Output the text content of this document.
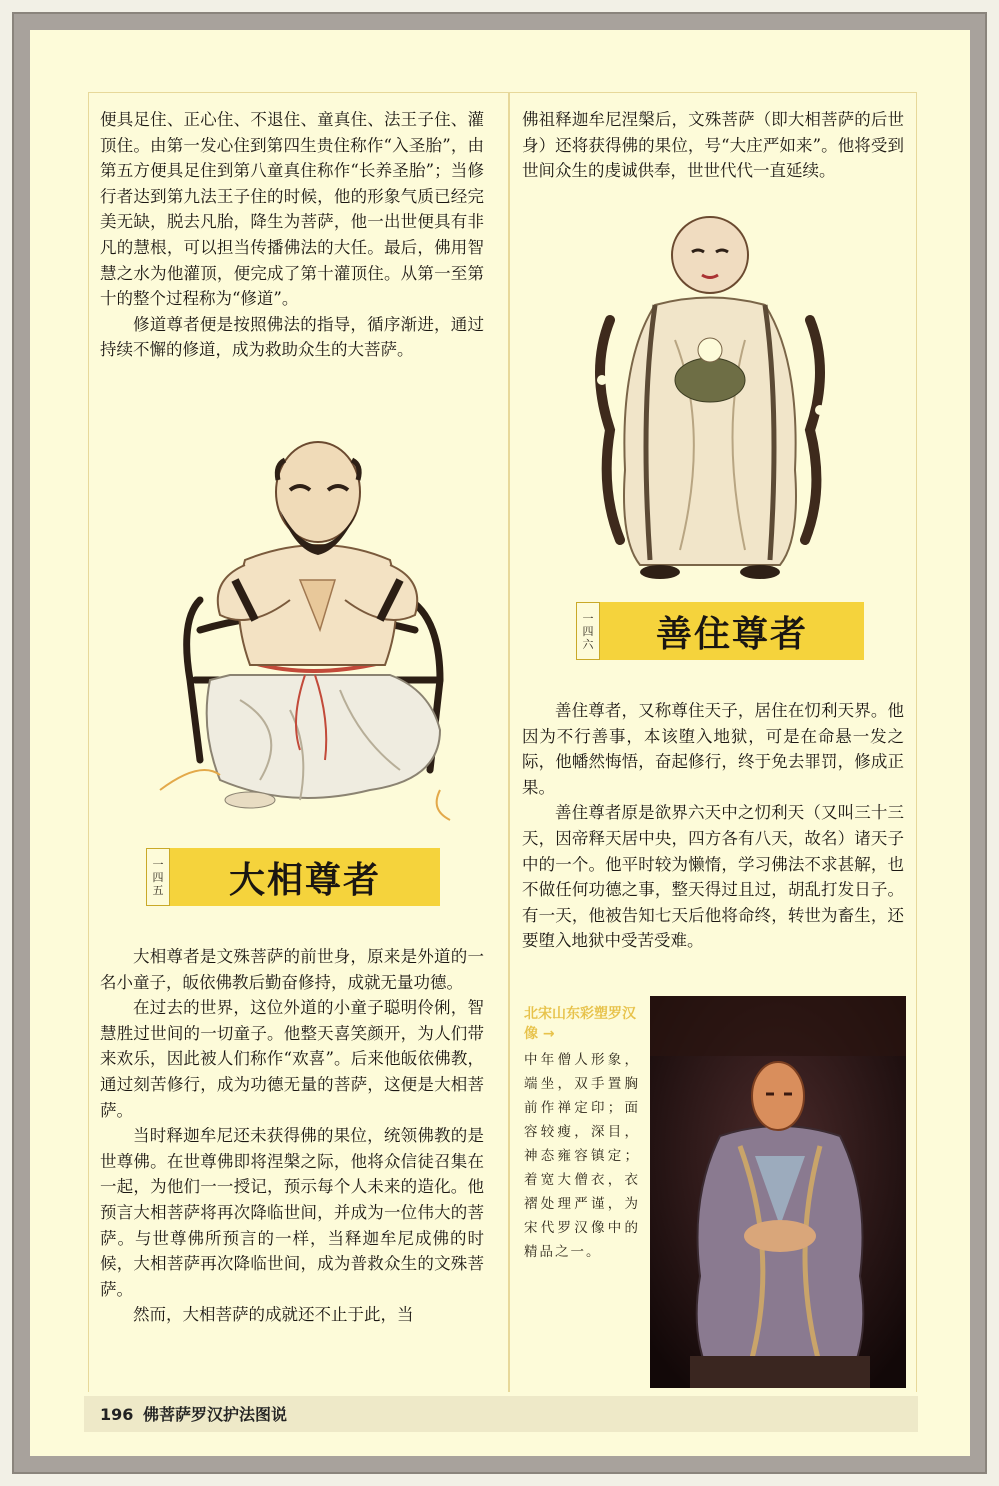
便具足住、正心住、不退住、童真住、法王子住、灌顶住。由第一发心住到第四生贵住称作“入圣胎”，由第五方便具足住到第八童真住称作“长养圣胎”；当修行者达到第九法王子住的时候，他的形象气质已经完美无缺，脱去凡胎，降生为菩萨，他一出世便具有非凡的慧根，可以担当传播佛法的大任。最后，佛用智慧之水为他灌顶，便完成了第十灌顶住。从第一至第十的整个过程称为“修道”。

修道尊者便是按照佛法的指导，循序渐进，通过持续不懈的修道，成为救助众生的大菩萨。

一
四
五	大相尊者

大相尊者是文殊菩萨的前世身，原来是外道的一名小童子，皈依佛教后勤奋修持，成就无量功德。

在过去的世界，这位外道的小童子聪明伶俐，智慧胜过世间的一切童子。他整天喜笑颜开，为人们带来欢乐，因此被人们称作“欢喜”。后来他皈依佛教，通过刻苦修行，成为功德无量的菩萨，这便是大相菩萨。

当时释迦牟尼还未获得佛的果位，统领佛教的是世尊佛。在世尊佛即将涅槃之际，他将众信徒召集在一起，为他们一一授记，预示每个人未来的造化。他预言大相菩萨将再次降临世间，并成为一位伟大的菩萨。与世尊佛所预言的一样，当释迦牟尼成佛的时候，大相菩萨再次降临世间，成为普救众生的文殊菩萨。

然而，大相菩萨的成就还不止于此，当

佛祖释迦牟尼涅槃后，文殊菩萨（即大相菩萨的后世身）还将获得佛的果位，号“大庄严如来”。他将受到世间众生的虔诚供奉，世世代代一直延续。

一
四
六	善住尊者

善住尊者，又称尊住天子，居住在忉利天界。他因为不行善事，本该堕入地狱，可是在命悬一发之际，他幡然悔悟，奋起修行，终于免去罪罚，修成正果。

善住尊者原是欲界六天中之忉利天（又叫三十三天，因帝释天居中央，四方各有八天，故名）诸天子中的一个。他平时较为懒惰，学习佛法不求甚解，也不做任何功德之事，整天得过且过，胡乱打发日子。有一天，他被告知七天后他将命终，转世为畜生，还要堕入地狱中受苦受难。

北宋山东彩塑罗汉像 →
中年僧人形象，端坐，双手置胸前作禅定印；面容较瘦，深目，神态雍容镇定；着宽大僧衣，衣褶处理严谨，为宋代罗汉像中的精品之一。
196 佛菩萨罗汉护法图说
